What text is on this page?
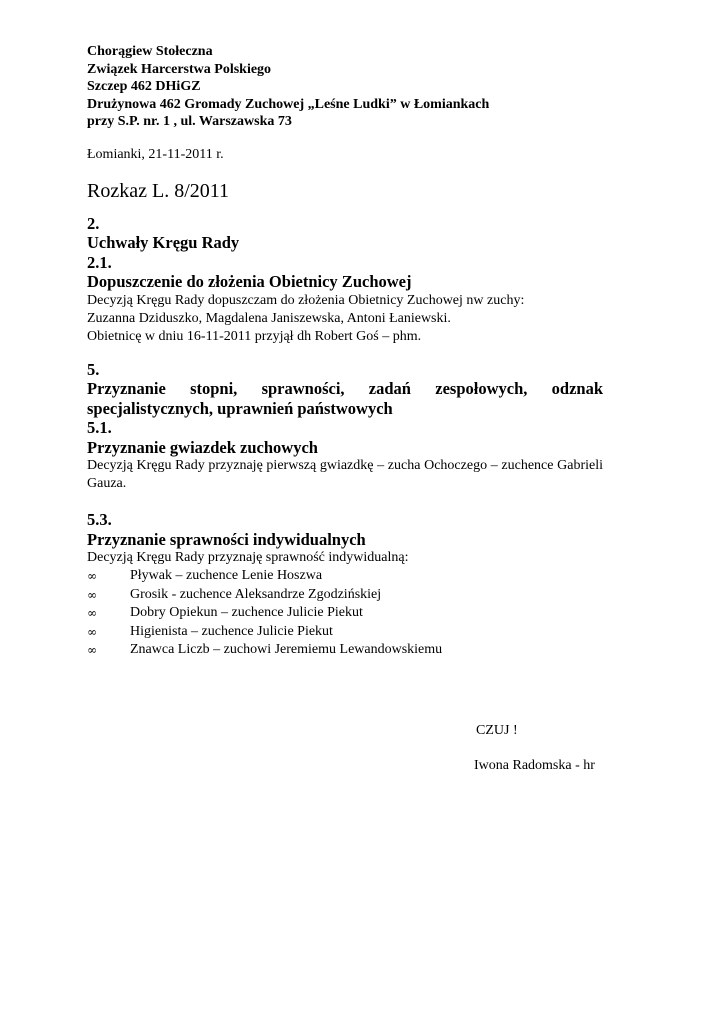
Chorągiew Stołeczna
Związek Harcerstwa Polskiego
Szczep 462 DHiGZ
Drużynowa 462 Gromady Zuchowej „Leśne Ludki” w Łomiankach
przy S.P. nr. 1 , ul. Warszawska 73
Łomianki, 21-11-2011 r.
Rozkaz L. 8/2011
2.
Uchwały Kręgu Rady
2.1.
Dopuszczenie do złożenia Obietnicy Zuchowej
Decyzją Kręgu Rady dopuszczam do złożenia Obietnicy Zuchowej nw zuchy:
Zuzanna Dziduszko, Magdalena Janiszewska, Antoni Łaniewski.
Obietnicę w dniu 16-11-2011 przyjął dh Robert Goś – phm.
5.
Przyznanie stopni, sprawności, zadań zespołowych, odznak specjalistycznych, uprawnień państwowych
5.1.
Przyznanie gwiazdek zuchowych
Decyzją Kręgu Rady przyznaję pierwszą gwiazdkę – zucha Ochoczego – zuchence Gabrieli Gauza.
5.3.
Przyznanie sprawności indywidualnych
Decyzją Kręgu Rady przyznaję sprawność indywidualną:
∞	Pływak – zuchence Lenie Hoszwa
∞	Grosik - zuchence Aleksandrze Zgodzińskiej
∞	Dobry Opiekun – zuchence Julicie Piekut
∞	Higienista – zuchence Julicie Piekut
∞	Znawca Liczb – zuchowi Jeremiemu Lewandowskiemu
CZUJ !
Iwona Radomska - hr
